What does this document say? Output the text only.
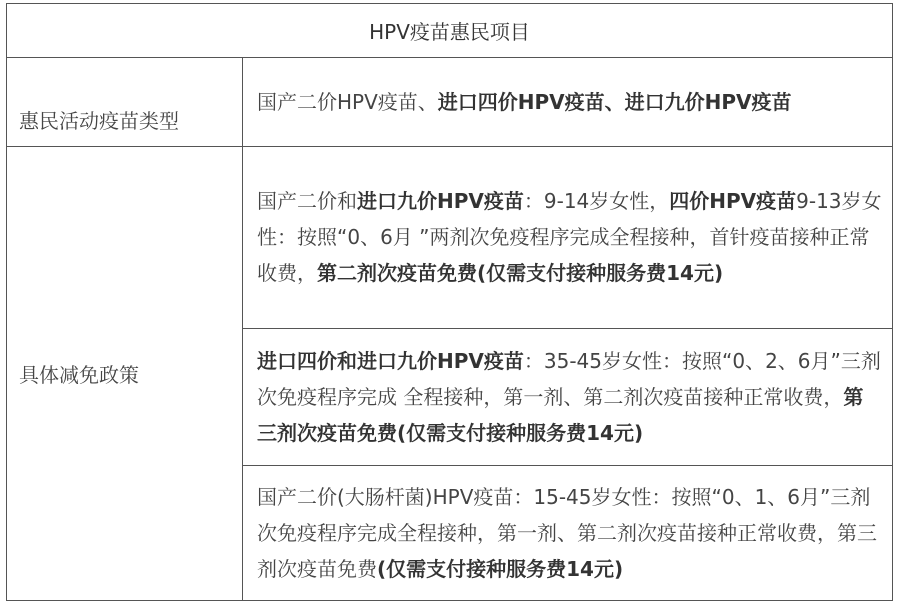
HPV疫苗惠民项目	
惠民活动疫苗类型	国产二价HPV疫苗、进口四价HPV疫苗、进口九价HPV疫苗
具体减免政策	国产二价和进口九价HPV疫苗：9-14岁女性，四价HPV疫苗9-13岁女性：按照“0、6月 ”两剂次免疫程序完成全程接种，首针疫苗接种正常收费，第二剂次疫苗免费(仅需支付接种服务费14元)
	进口四价和进口九价HPV疫苗：35-45岁女性：按照“0、2、6月”三剂次免疫程序完成 全程接种，第一剂、第二剂次疫苗接种正常收费，第三剂次疫苗免费(仅需支付接种服务费14元)
	国产二价(大肠杆菌)HPV疫苗：15-45岁女性：按照“0、1、6月”三剂次免疫程序完成全程接种，第一剂、第二剂次疫苗接种正常收费，第三剂次疫苗免费(仅需支付接种服务费14元)
